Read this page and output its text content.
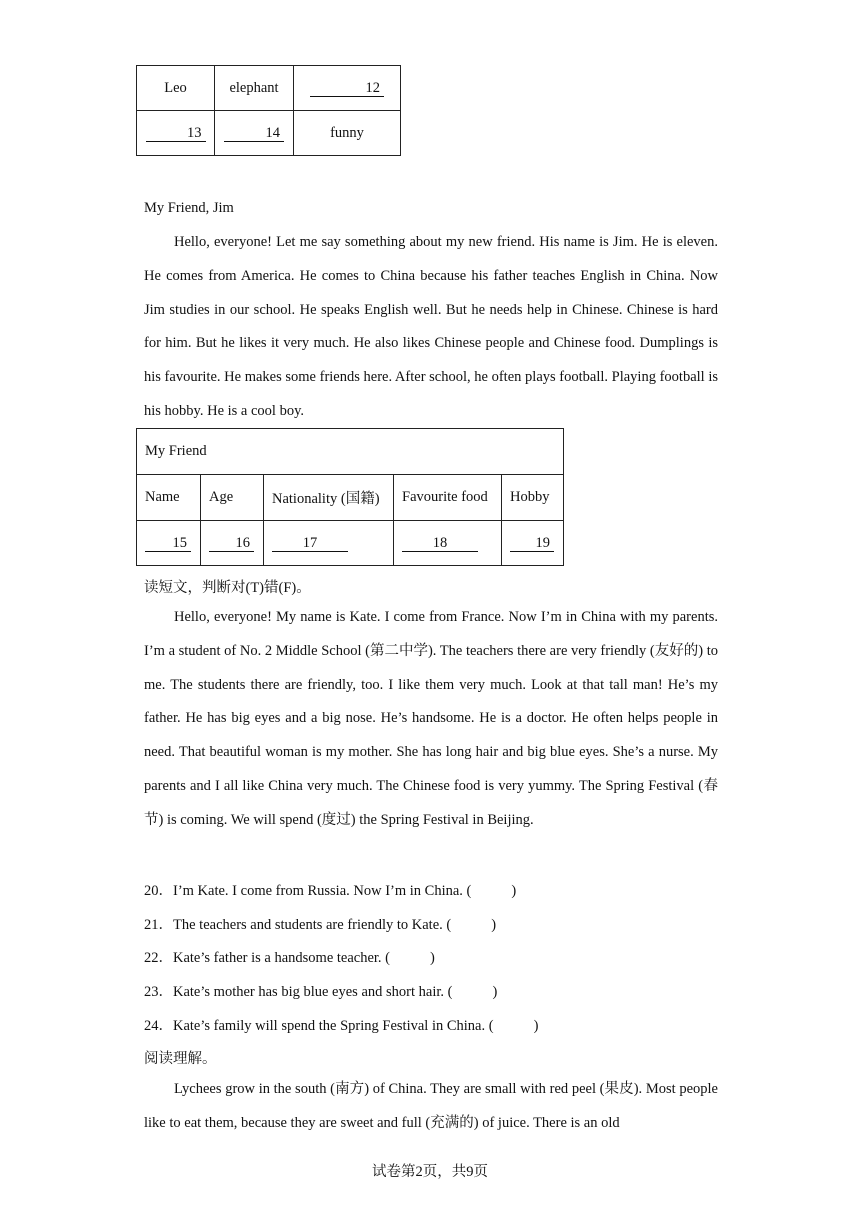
Leo	elephant	12
13	14	funny
My Friend, Jim

Hello, everyone! Let me say something about my new friend. His name is Jim. He is eleven. He comes from America. He comes to China because his father teaches English in China. Now Jim studies in our school. He speaks English well. But he needs help in Chinese. Chinese is hard for him. But he likes it very much. He also likes Chinese people and Chinese food. Dumplings is his favourite. He makes some friends here. After school, he often plays football. Playing football is his hobby. He is a cool boy.

My Friend				
Name	Age	Nationality (国籍)	Favourite food	Hobby
15	16	17	18	19
读短文，判断对(T)错(F)。

Hello, everyone! My name is Kate. I come from France. Now I’m in China with my parents. I’m a student of No. 2 Middle School (第二中学). The teachers there are very friendly (友好的) to me. The students there are friendly, too. I like them very much. Look at that tall man! He’s my father. He has big eyes and a big nose. He’s handsome. He is a doctor. He often helps people in need. That beautiful woman is my mother. She has long hair and big blue eyes. She’s a nurse. My parents and I all like China very much. The Chinese food is very yummy. The Spring Festival (春节) is coming. We will spend (度过) the Spring Festival in Beijing.

20．I’m Kate. I come from Russia. Now I’m in China. (	)
21．The teachers and students are friendly to Kate. (	)
22．Kate’s father is a handsome teacher. (	)
23．Kate’s mother has big blue eyes and short hair. (	)
24．Kate’s family will spend the Spring Festival in China. (	)
阅读理解。

Lychees grow in the south (南方) of China. They are small with red peel (果皮). Most people like to eat them, because they are sweet and full (充满的) of juice. There is an old

试卷第2页，共9页
